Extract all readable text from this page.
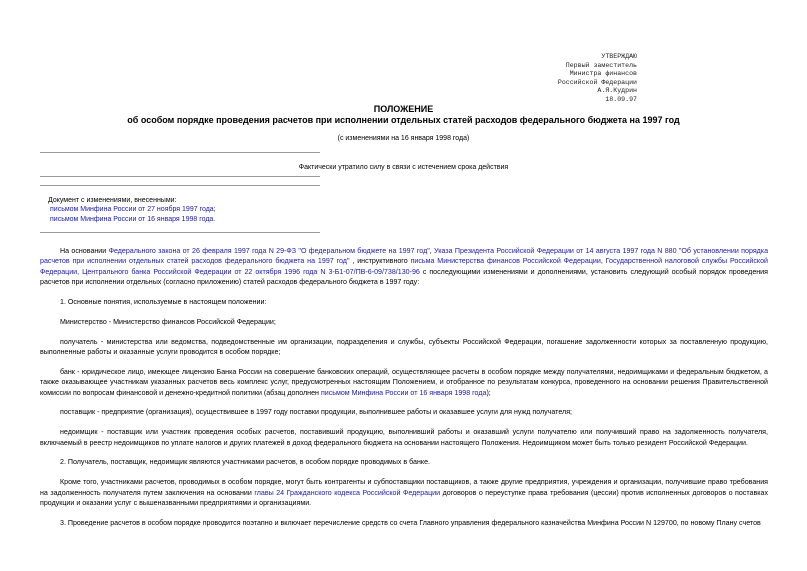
УТВЕРЖДАЮ
Первый заместитель
Министра финансов
Российской Федерации
А.Я.Кудрин
18.09.97
ПОЛОЖЕНИЕ
об особом порядке проведения расчетов при исполнении отдельных статей расходов федерального бюджета на 1997 год
(с изменениями на 16 января 1998 года)
Фактически утратило силу в связи с истечением срока действия
Документ с изменениями, внесенными:
письмом Минфина России от 27 ноября 1997 года;
письмом Минфина России от 16 января 1998 года.

На основании Федерального закона от 26 февраля 1997 года N 29-ФЗ "О федеральном бюджете на 1997 год", Указа Президента Российской Федерации от 14 августа 1997 года N 880 "Об установлении порядка расчетов при исполнении отдельных статей расходов федерального бюджета на 1997 год" , инструктивного письма Министерства финансов Российской Федерации, Государственной налоговой службы Российской Федерации, Центрального банка Российской Федерации от 22 октября 1996 года N 3-Б1-07/ПВ-6-09/738/130-96 с последующими изменениями и дополнениями, установить следующий особый порядок проведения расчетов при исполнении отдельных (согласно приложению) статей расходов федерального бюджета в 1997 году:

1. Основные понятия, используемые в настоящем положении:

Министерство - Министерство финансов Российской Федерации;

получатель - министерства или ведомства, подведомственные им организации, подразделения и службы, субъекты Российской Федерации, погашение задолженности которых за поставленную продукцию, выполненные работы и оказанные услуги проводится в особом порядке;

банк - юридическое лицо, имеющее лицензию Банка России на совершение банковских операций, осуществляющее расчеты в особом порядке между получателями, недоимщиками и федеральным бюджетом, а также оказывающее участникам указанных расчетов весь комплекс услуг, предусмотренных настоящим Положением, и отобранное по результатам конкурса, проведенного на основании решения Правительственной комиссии по вопросам финансовой и денежно-кредитной политики (абзац дополнен письмом Минфина России от 16 января 1998 года);

поставщик - предприятие (организация), осуществившее в 1997 году поставки продукции, выполнившее работы и оказавшее услуги для нужд получателя;

недоимщик - поставщик или участник проведения особых расчетов, поставивший продукцию, выполнивший работы и оказавший услуги получателю или получивший право на задолженность получателя, включаемый в реестр недоимщиков по уплате налогов и других платежей в доход федерального бюджета на основании настоящего Положения. Недоимщиком может быть только резидент Российской Федерации.

2. Получатель, поставщик, недоимщик являются участниками расчетов, в особом порядке проводимых в банке.

Кроме того, участниками расчетов, проводимых в особом порядке, могут быть контрагенты и субпоставщики поставщиков, а также другие предприятия, учреждения и организации, получившие право требования на задолженность получателя путем заключения на основании главы 24 Гражданского кодекса Российской Федерации договоров о переуступке права требования (цессии) против исполненных договоров о поставках продукции и оказании услуг с вышеназванными предприятиями и организациями.

3. Проведение расчетов в особом порядке проводится поэтапно и включает перечисление средств со счета Главного управления федерального казначейства Минфина России N 129700, по новому Плану счетов
